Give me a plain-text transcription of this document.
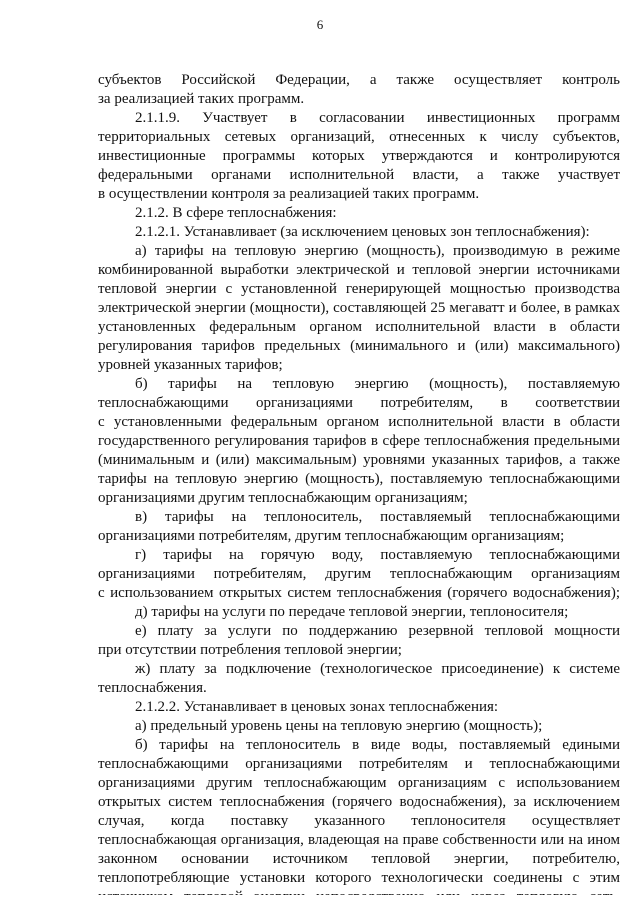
6
субъектов Российской Федерации, а также осуществляет контроль
за реализацией таких программ.
2.1.1.9. Участвует в согласовании инвестиционных программ
территориальных сетевых организаций, отнесенных к числу субъектов,
инвестиционные программы которых утверждаются и контролируются
федеральными органами исполнительной власти, а также участвует
в осуществлении контроля за реализацией таких программ.
2.1.2. В сфере теплоснабжения:
2.1.2.1. Устанавливает (за исключением ценовых зон теплоснабжения):
а) тарифы на тепловую энергию (мощность), производимую в режиме
комбинированной выработки электрической и тепловой энергии источниками
тепловой энергии с установленной генерирующей мощностью производства
электрической энергии (мощности), составляющей 25 мегаватт и более, в рамках
установленных федеральным органом исполнительной власти в области
регулирования тарифов предельных (минимального и (или) максимального)
уровней указанных тарифов;
б) тарифы на тепловую энергию (мощность), поставляемую
теплоснабжающими организациями потребителям, в соответствии
с установленными федеральным органом исполнительной власти в области
государственного регулирования тарифов в сфере теплоснабжения предельными
(минимальным и (или) максимальным) уровнями указанных тарифов, а также
тарифы на тепловую энергию (мощность), поставляемую теплоснабжающими
организациями другим теплоснабжающим организациям;
в) тарифы на теплоноситель, поставляемый теплоснабжающими
организациями потребителям, другим теплоснабжающим организациям;
г) тарифы на горячую воду, поставляемую теплоснабжающими
организациями потребителям, другим теплоснабжающим организациям
с использованием открытых систем теплоснабжения (горячего водоснабжения);
д) тарифы на услуги по передаче тепловой энергии, теплоносителя;
е) плату за услуги по поддержанию резервной тепловой мощности
при отсутствии потребления тепловой энергии;
ж) плату за подключение (технологическое присоединение) к системе
теплоснабжения.
2.1.2.2. Устанавливает в ценовых зонах теплоснабжения:
а) предельный уровень цены на тепловую энергию (мощность);
б) тарифы на теплоноситель в виде воды, поставляемый едиными
теплоснабжающими организациями потребителям и теплоснабжающими
организациями другим теплоснабжающим организациям с использованием
открытых систем теплоснабжения (горячего водоснабжения), за исключением
случая, когда поставку указанного теплоносителя осуществляет
теплоснабжающая организация, владеющая на праве собственности или на ином
законном основании источником тепловой энергии, потребителю,
теплопотребляющие установки которого технологически соединены с этим
